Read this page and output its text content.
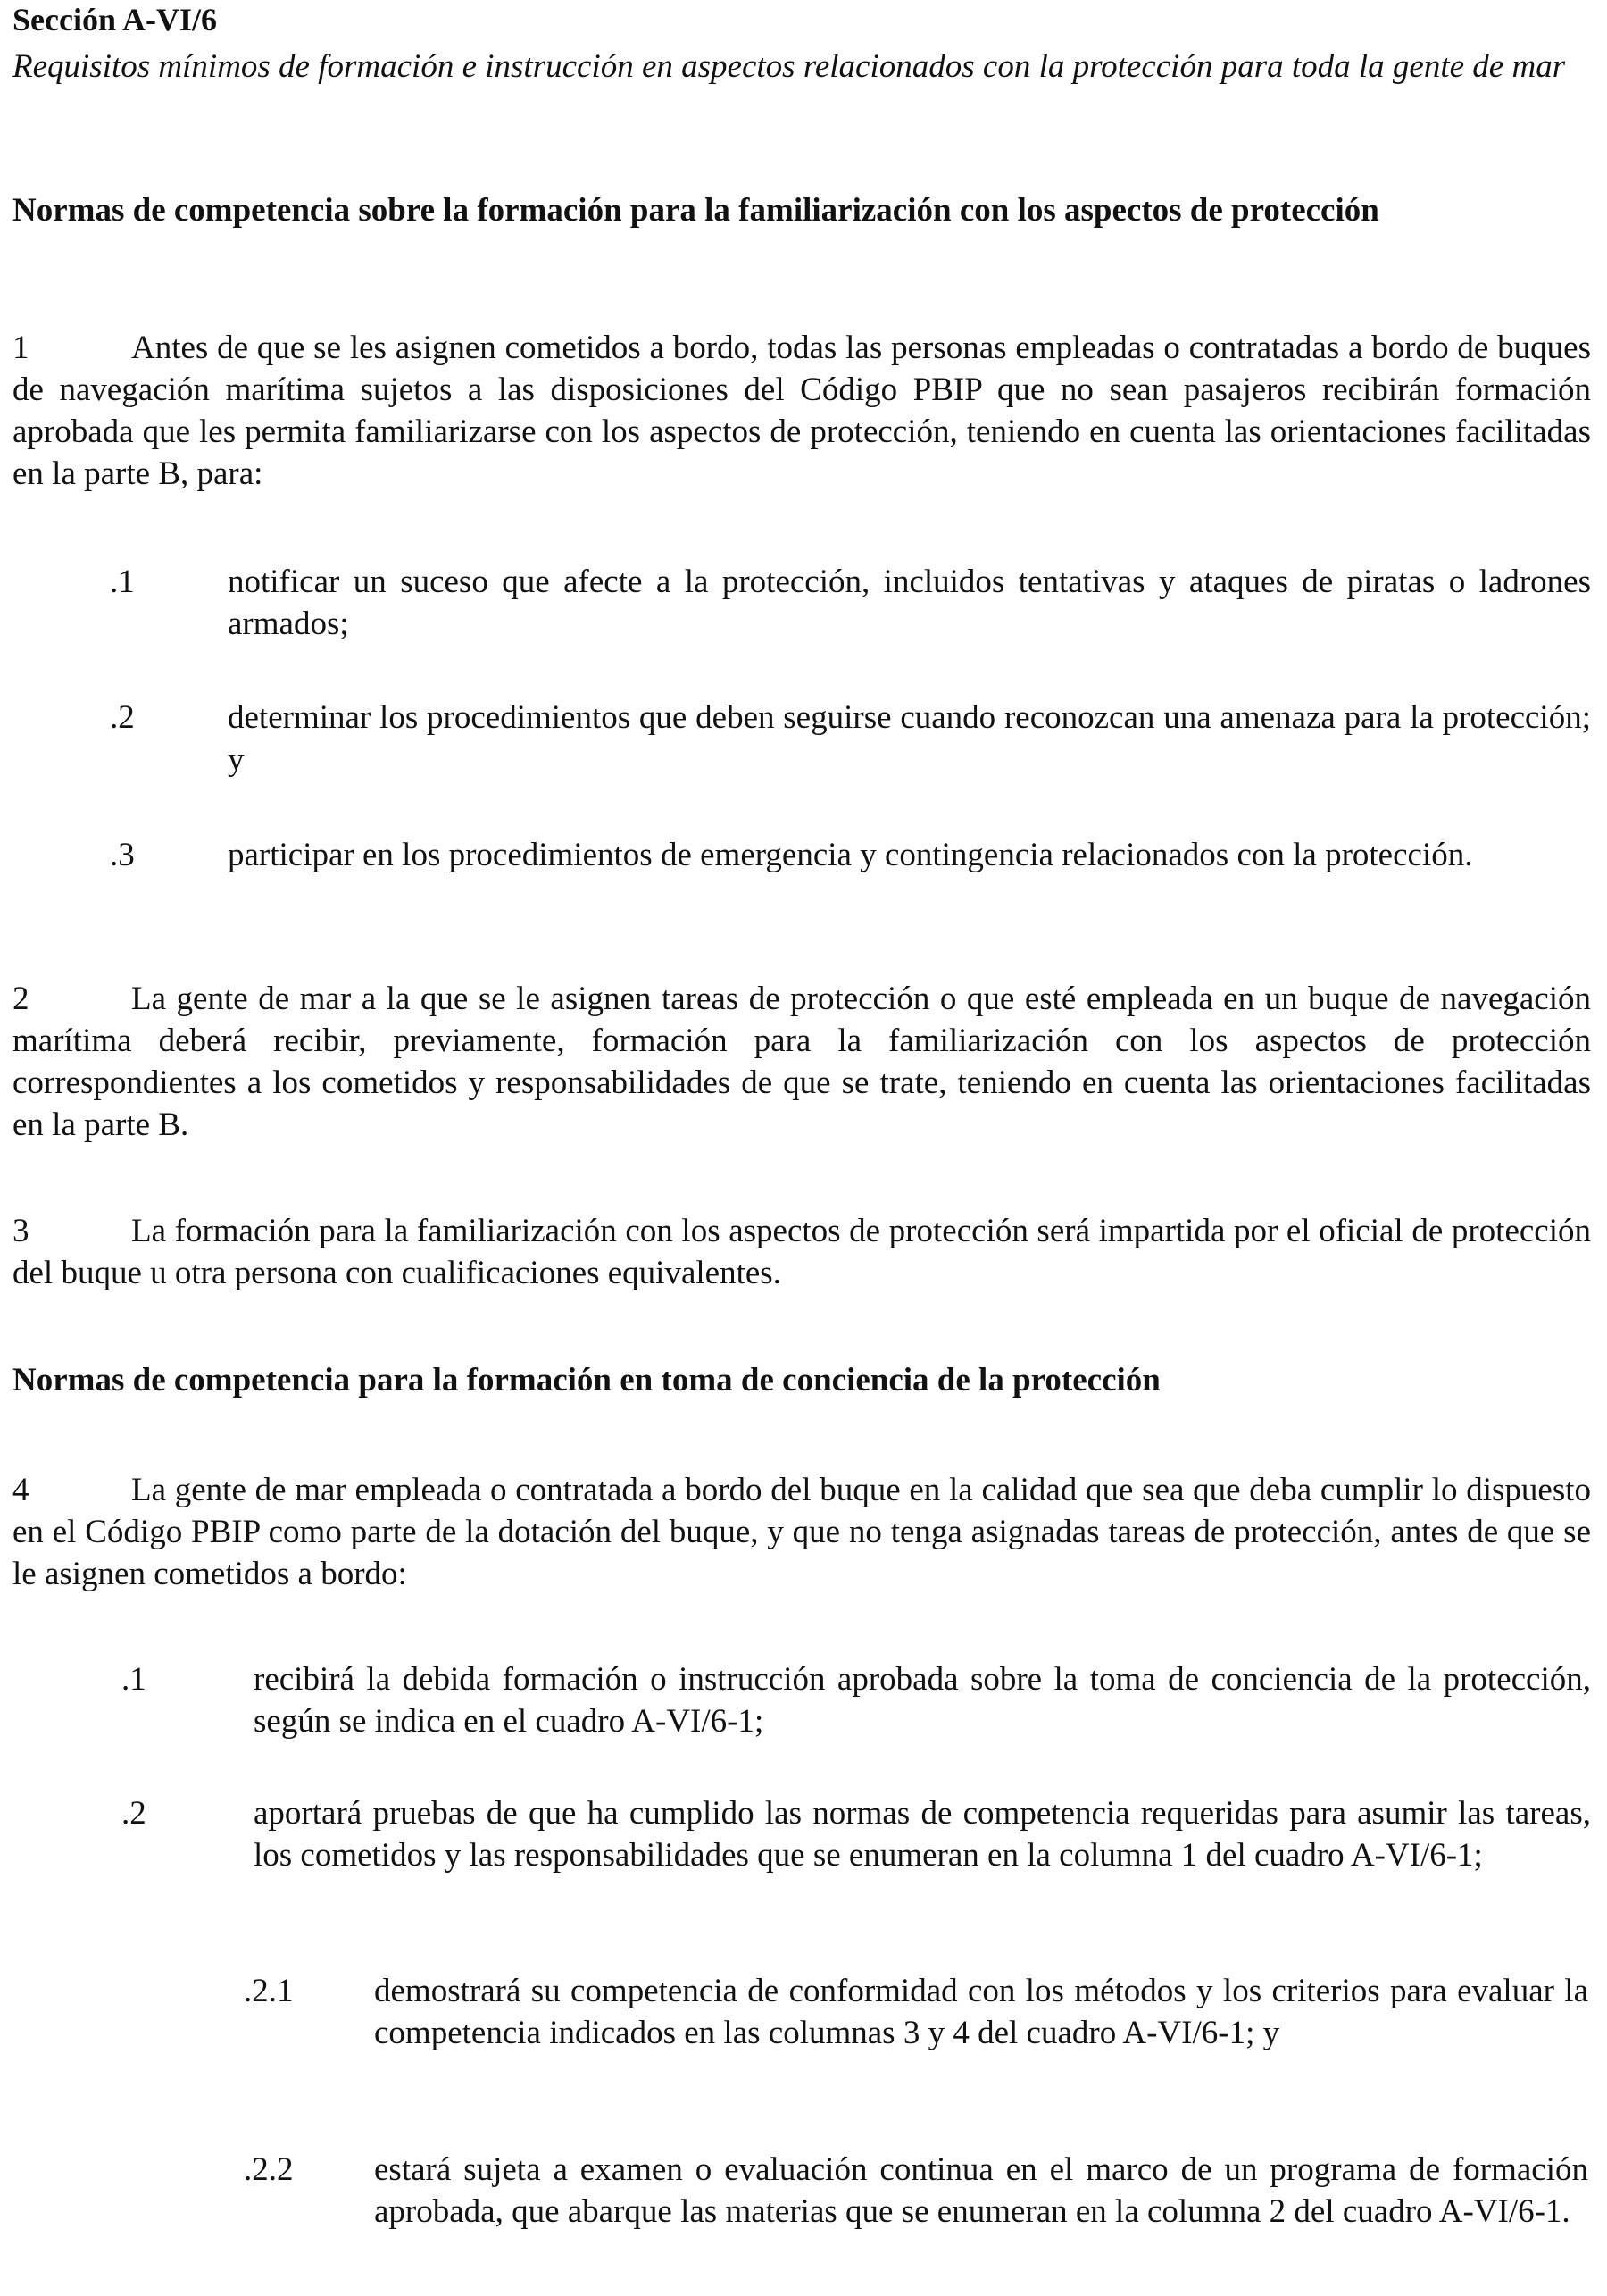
Sección A-VI/6
Requisitos mínimos de formación e instrucción en aspectos relacionados con la protección para toda la gente de mar
Normas de competencia sobre la formación para la familiarización con los aspectos de protección
1	Antes de que se les asignen cometidos a bordo, todas las personas empleadas o contratadas a bordo de buques de navegación marítima sujetos a las disposiciones del Código PBIP que no sean pasajeros recibirán formación aprobada que les permita familiarizarse con los aspectos de protección, teniendo en cuenta las orientaciones facilitadas en la parte B, para:
.1	notificar un suceso que afecte a la protección, incluidos tentativas y ataques de piratas o ladrones armados;
.2	determinar los procedimientos que deben seguirse cuando reconozcan una amenaza para la protección; y
.3	participar en los procedimientos de emergencia y contingencia relacionados con la protección.
2	La gente de mar a la que se le asignen tareas de protección o que esté empleada en un buque de navegación marítima deberá recibir, previamente, formación para la familiarización con los aspectos de protección correspondientes a los cometidos y responsabilidades de que se trate, teniendo en cuenta las orientaciones facilitadas en la parte B.
3	La formación para la familiarización con los aspectos de protección será impartida por el oficial de protección del buque u otra persona con cualificaciones equivalentes.
Normas de competencia para la formación en toma de conciencia de la protección
4	La gente de mar empleada o contratada a bordo del buque en la calidad que sea que deba cumplir lo dispuesto en el Código PBIP como parte de la dotación del buque, y que no tenga asignadas tareas de protección, antes de que se le asignen cometidos a bordo:
.1	recibirá la debida formación o instrucción aprobada sobre la toma de conciencia de la protección, según se indica en el cuadro A-VI/6-1;
.2	aportará pruebas de que ha cumplido las normas de competencia requeridas para asumir las tareas, los cometidos y las responsabilidades que se enumeran en la columna 1 del cuadro A-VI/6-1;
.2.1 demostrará su competencia de conformidad con los métodos y los criterios para evaluar la competencia indicados en las columnas 3 y 4 del cuadro A-VI/6-1; y
.2.2 estará sujeta a examen o evaluación continua en el marco de un programa de formación aprobada, que abarque las materias que se enumeran en la columna 2 del cuadro A-VI/6-1.
